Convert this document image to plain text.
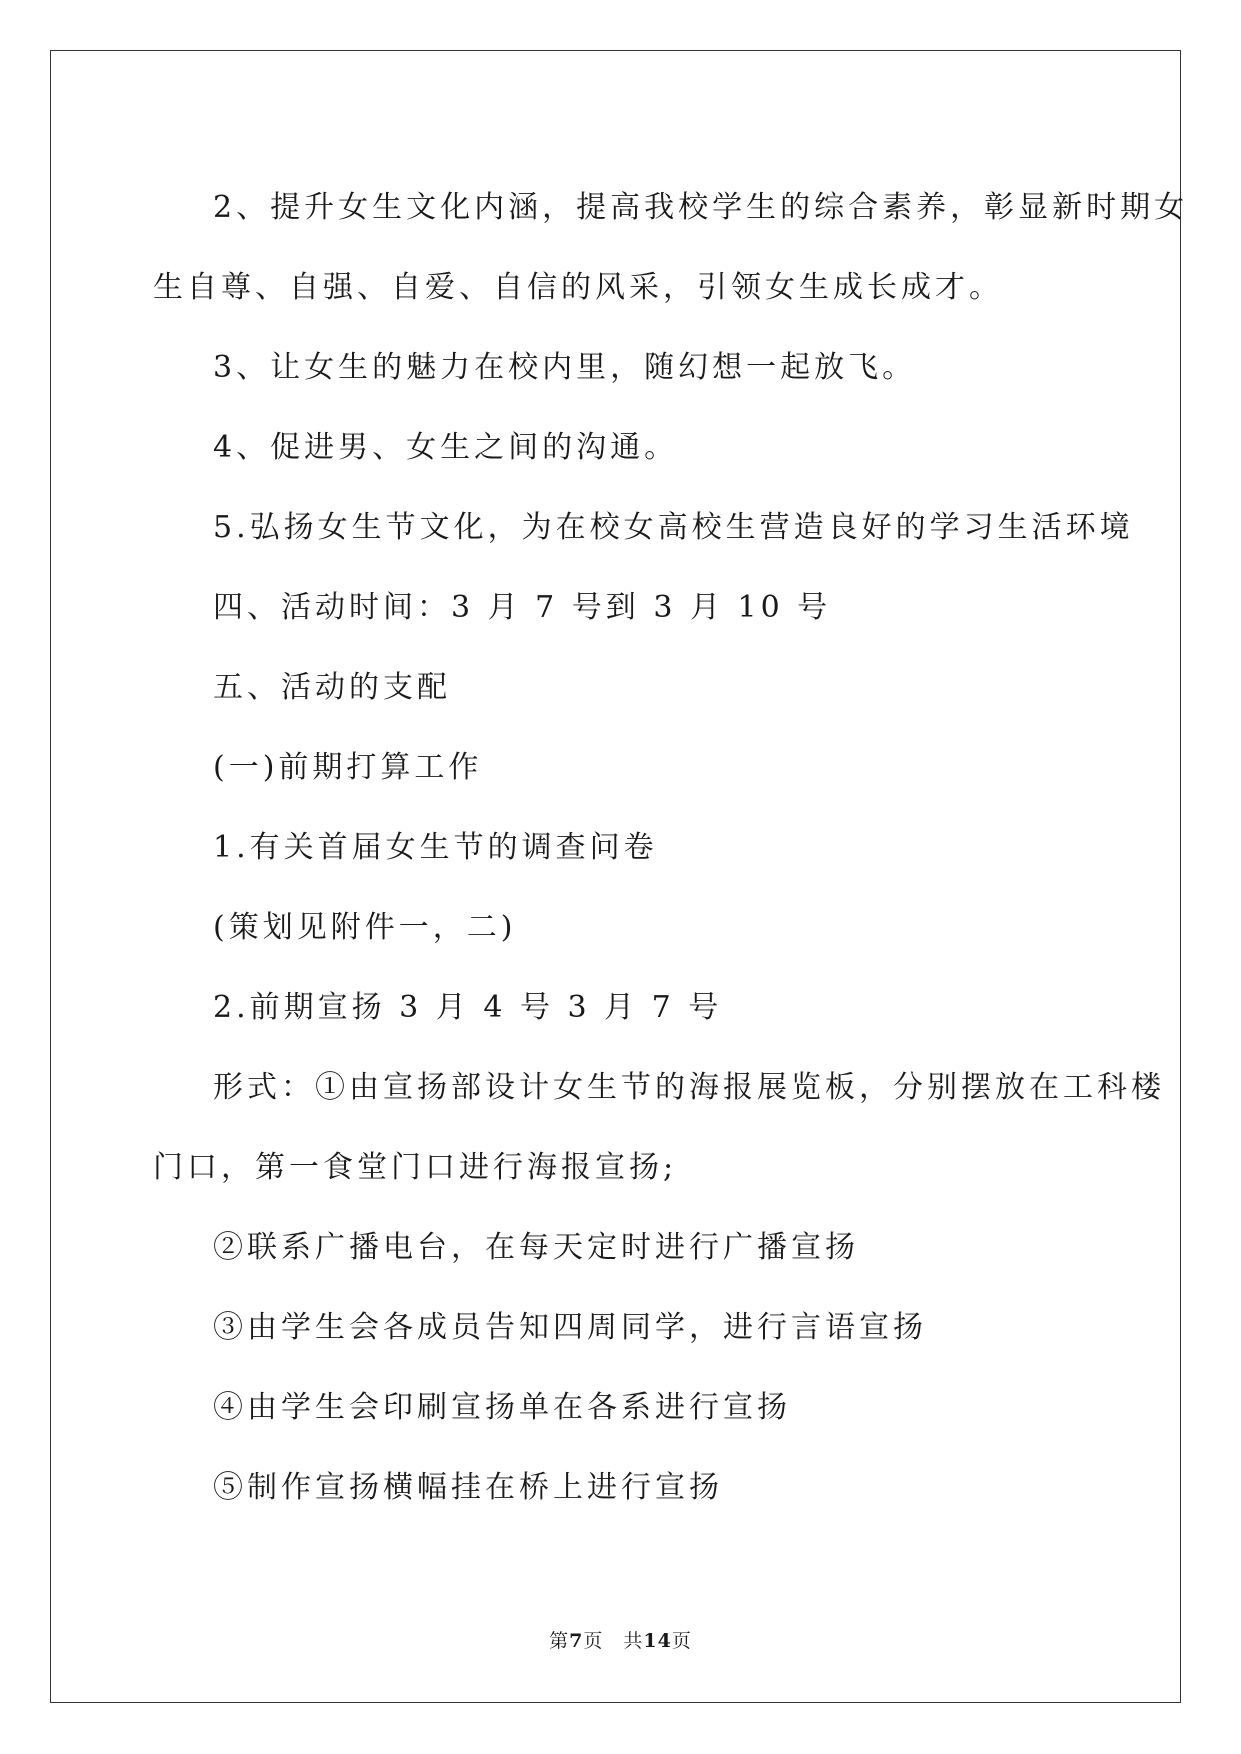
2、提升女生文化内涵，提高我校学生的综合素养，彰显新时期女
生自尊、自强、自爱、自信的风采，引领女生成长成才。

3、让女生的魅力在校内里，随幻想一起放飞。

4、促进男、女生之间的沟通。

5.弘扬女生节文化，为在校女高校生营造良好的学习生活环境

四、活动时间：3 月 7 号到 3 月 10 号

五、活动的支配

(一)前期打算工作

1.有关首届女生节的调查问卷

(策划见附件一，二)

2.前期宣扬 3 月 4 号 3 月 7 号

形式：①由宣扬部设计女生节的海报展览板，分别摆放在工科楼
门口，第一食堂门口进行海报宣扬;

②联系广播电台，在每天定时进行广播宣扬

③由学生会各成员告知四周同学，进行言语宣扬

④由学生会印刷宣扬单在各系进行宣扬

⑤制作宣扬横幅挂在桥上进行宣扬

第7页 共14页
